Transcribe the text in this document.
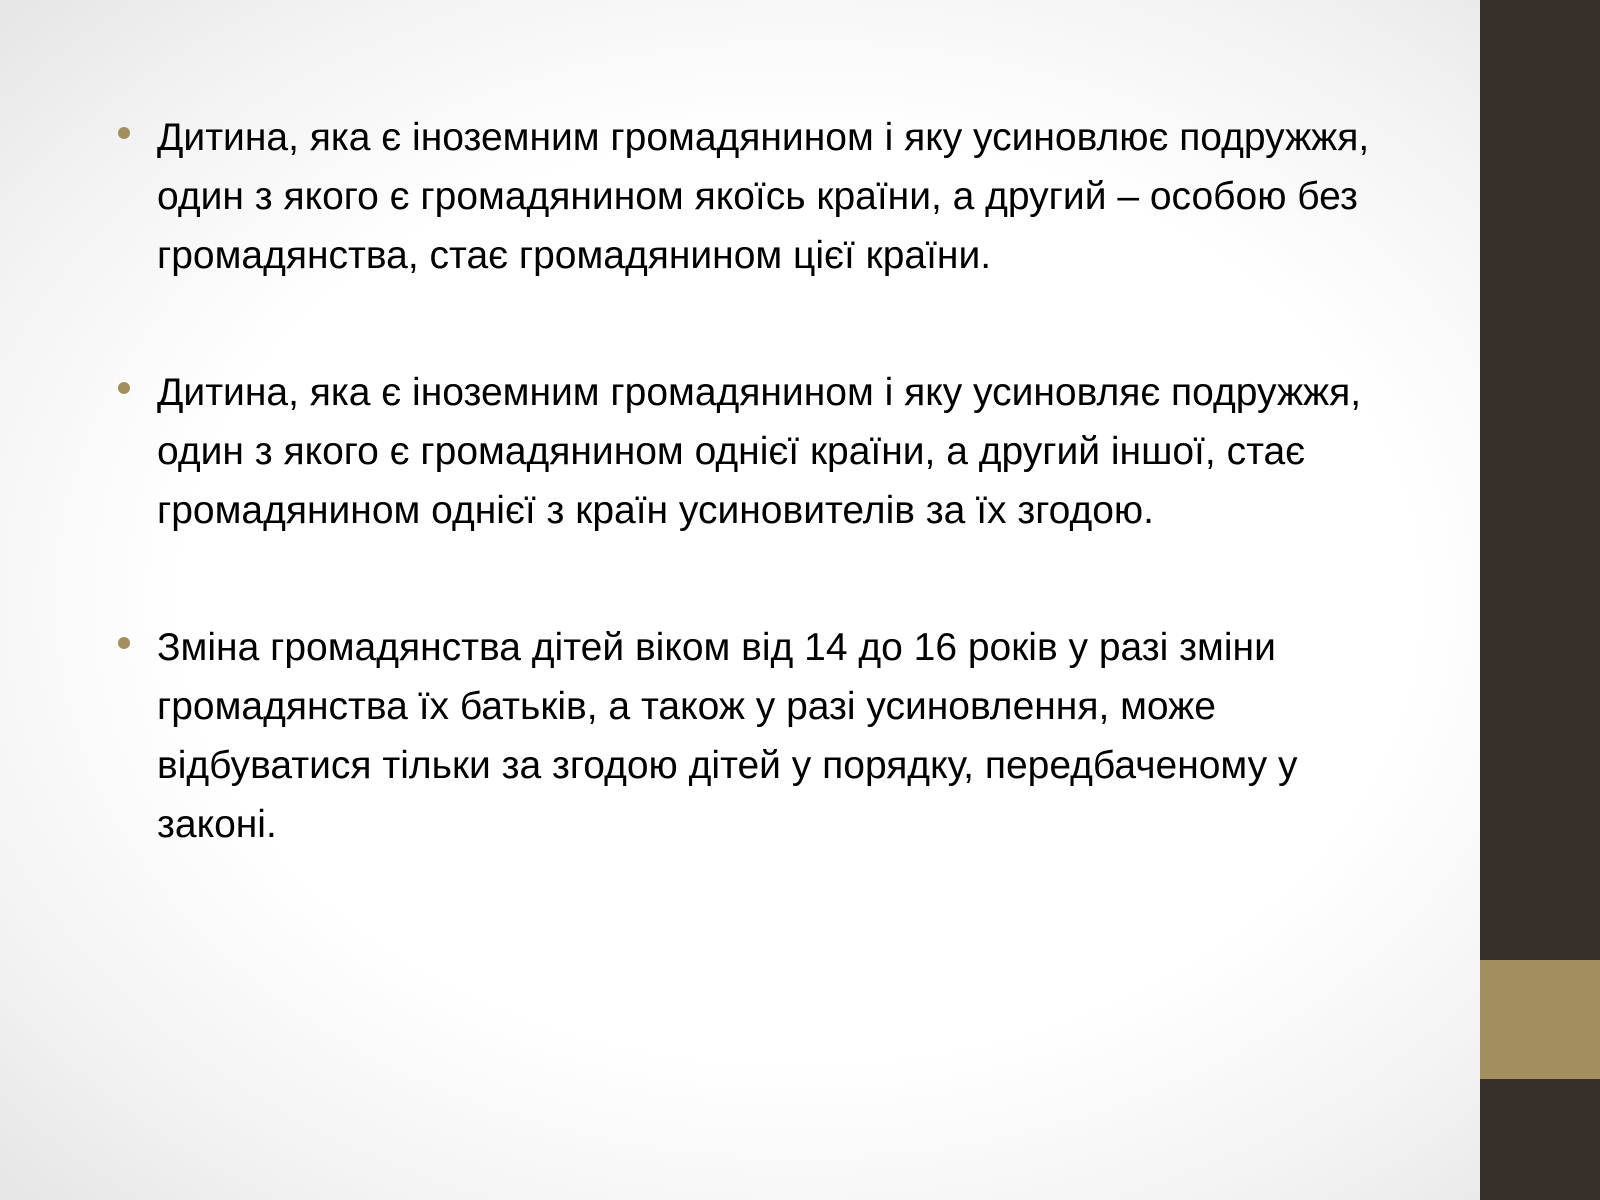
Дитина, яка є іноземним громадянином і яку усиновлює подружжя, один з якого є громадянином якоїсь країни, а другий – особою без громадянства, стає громадянином цієї країни.
Дитина, яка є іноземним громадянином і яку усиновляє подружжя, один з якого є громадянином однієї країни, а другий іншої, стає громадянином однієї з країн усиновителів за їх згодою.
Зміна громадянства дітей віком від 14 до 16 років у разі зміни громадянства їх батьків, а також у разі усиновлення, може відбуватися тільки за згодою дітей у порядку, передбаченому у законі.
